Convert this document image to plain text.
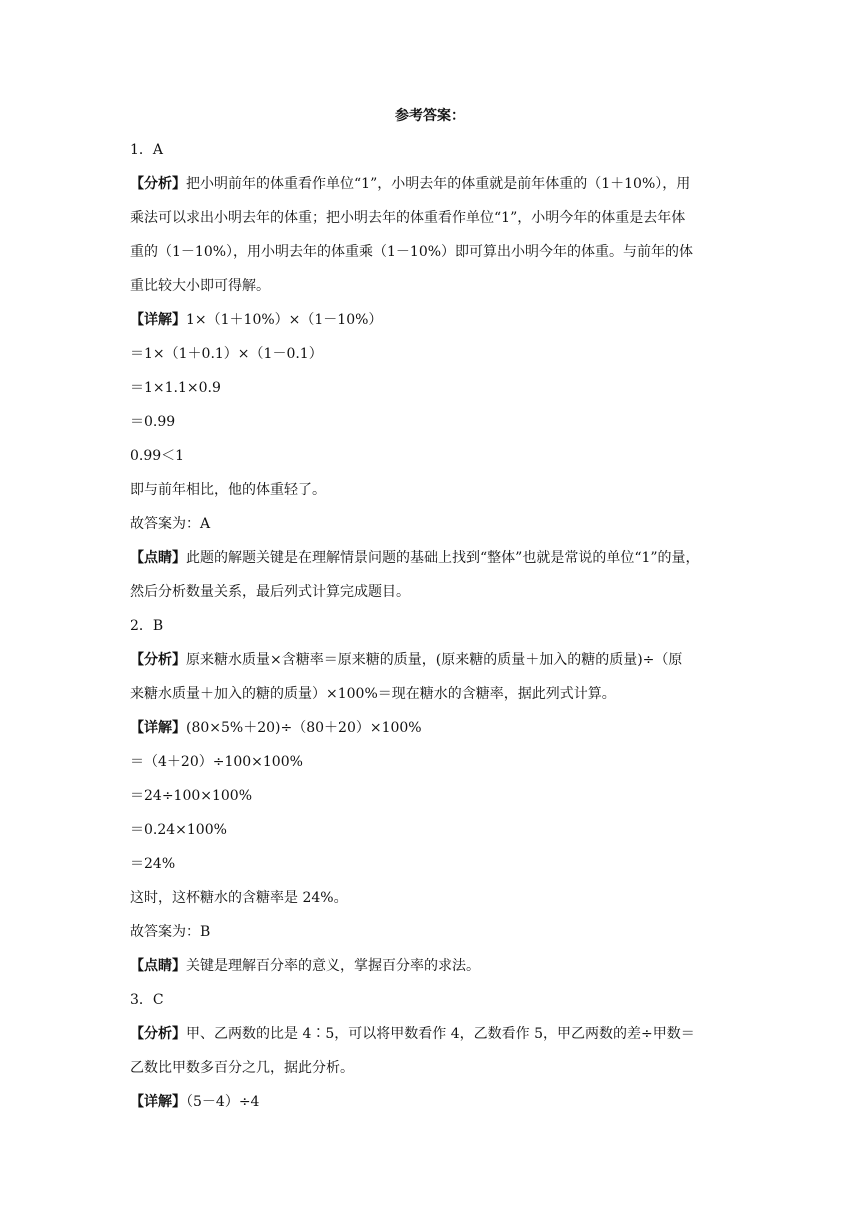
参考答案：
1．A
【分析】把小明前年的体重看作单位“1”，小明去年的体重就是前年体重的（1＋10%），用
乘法可以求出小明去年的体重；把小明去年的体重看作单位“1”，小明今年的体重是去年体
重的（1－10%），用小明去年的体重乘（1－10%）即可算出小明今年的体重。与前年的体
重比较大小即可得解。
【详解】1×（1＋10%）×（1－10%）
＝1×（1＋0.1）×（1－0.1）
＝1×1.1×0.9
＝0.99
0.99＜1
即与前年相比，他的体重轻了。
故答案为：A
【点睛】此题的解题关键是在理解情景问题的基础上找到“整体”也就是常说的单位“1”的量，
然后分析数量关系，最后列式计算完成题目。
2．B
【分析】原来糖水质量×含糖率＝原来糖的质量，(原来糖的质量＋加入的糖的质量)÷（原
来糖水质量＋加入的糖的质量）×100%＝现在糖水的含糖率，据此列式计算。
【详解】(80×5%＋20)÷（80＋20）×100%
＝（4＋20）÷100×100%
＝24÷100×100%
＝0.24×100%
＝24%
这时，这杯糖水的含糖率是 24%。
故答案为：B
【点睛】关键是理解百分率的意义，掌握百分率的求法。
3．C
【分析】甲、乙两数的比是 4∶5，可以将甲数看作 4，乙数看作 5，甲乙两数的差÷甲数＝
乙数比甲数多百分之几，据此分析。
【详解】（5－4）÷4
